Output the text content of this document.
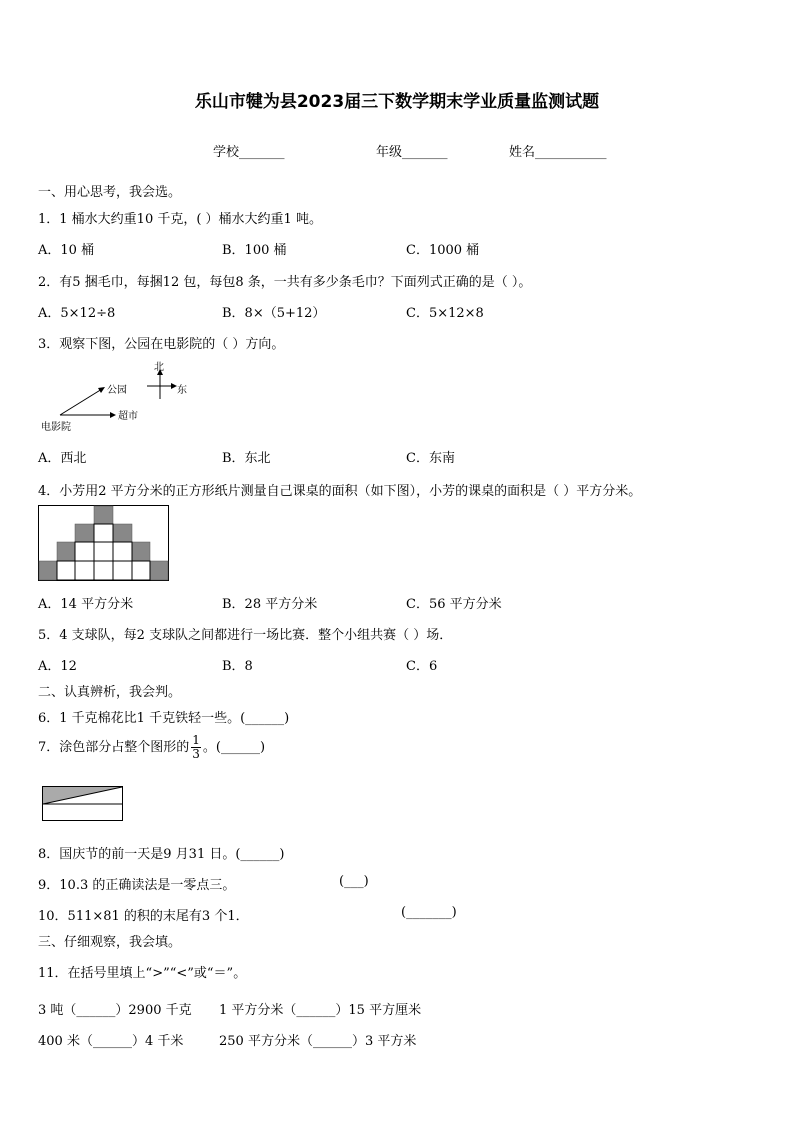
乐山市犍为县2023届三下数学期末学业质量监测试题
学校_______	年级_______	姓名___________
一、用心思考，我会选。
1．1 桶水大约重10 千克，( ）桶水大约重1 吨。
A．10 桶	B．100 桶	C．1000 桶
2．有5 捆毛巾，每捆12 包，每包8 条，一共有多少条毛巾？下面列式正确的是（ ）。
A．5×12÷8	B．8×（5+12）	C．5×12×8
3．观察下图，公园在电影院的（ ）方向。
北
东
公园
超市
电影院
A．西北	B．东北	C．东南
4．小芳用2 平方分米的正方形纸片测量自己课桌的面积（如下图），小芳的课桌的面积是（ ）平方分米。
A．14 平方分米	B．28 平方分米	C．56 平方分米
5．4 支球队，每2 支球队之间都进行一场比赛．整个小组共赛（ ）场．
A．12	B．8	C．6
二、认真辨析，我会判。
6．1 千克棉花比1 千克铁轻一些。(______)
7．涂色部分占整个图形的 $\frac{1}{3}$ 。(______)
8．国庆节的前一天是9 月31 日。(______)
9．10.3 的正确读法是一零点三。	(___)
10．511×81 的积的末尾有3 个1．	(_______)
三、仔细观察，我会填。
11．在括号里填上“>”“<”或“＝”。
3 吨（______）2900 千克 1 平方分米（______）15 平方厘米
400 米（______）4 千米	250 平方分米（______）3 平方米
